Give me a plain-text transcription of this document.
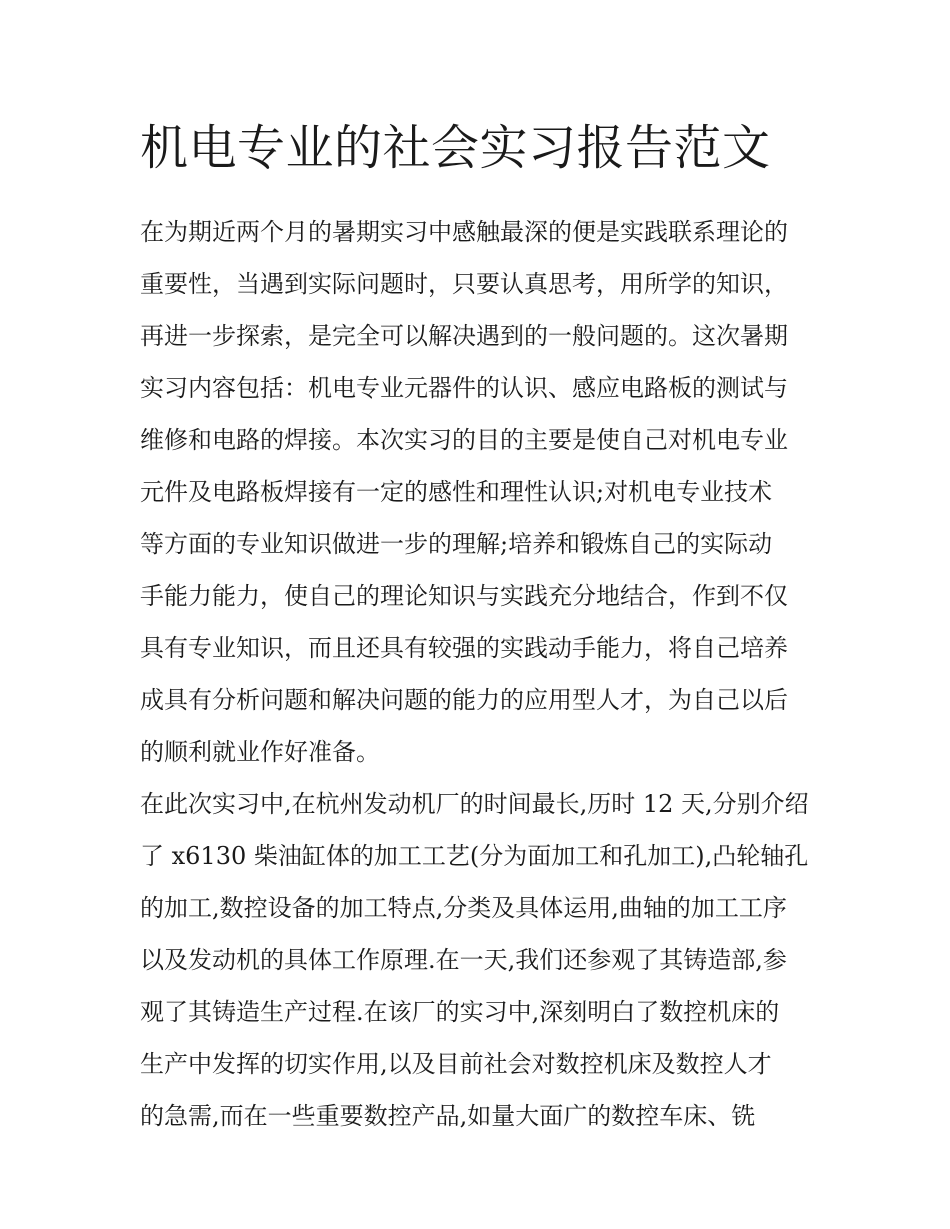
机电专业的社会实习报告范文
在为期近两个月的暑期实习中感触最深的便是实践联系理论的
重要性，当遇到实际问题时，只要认真思考，用所学的知识，
再进一步探索，是完全可以解决遇到的一般问题的。这次暑期
实习内容包括：机电专业元器件的认识、感应电路板的测试与
维修和电路的焊接。本次实习的目的主要是使自己对机电专业
元件及电路板焊接有一定的感性和理性认识;对机电专业技术
等方面的专业知识做进一步的理解;培养和锻炼自己的实际动
手能力能力，使自己的理论知识与实践充分地结合，作到不仅
具有专业知识，而且还具有较强的实践动手能力，将自己培养
成具有分析问题和解决问题的能力的应用型人才，为自己以后
的顺利就业作好准备。
在此次实习中,在杭州发动机厂的时间最长,历时 12 天,分别介绍
了 x6130 柴油缸体的加工工艺(分为面加工和孔加工),凸轮轴孔
的加工,数控设备的加工特点,分类及具体运用,曲轴的加工工序
以及发动机的具体工作原理.在一天,我们还参观了其铸造部,参
观了其铸造生产过程.在该厂的实习中,深刻明白了数控机床的
生产中发挥的切实作用,以及目前社会对数控机床及数控人才
的急需,而在一些重要数控产品,如量大面广的数控车床、铣
